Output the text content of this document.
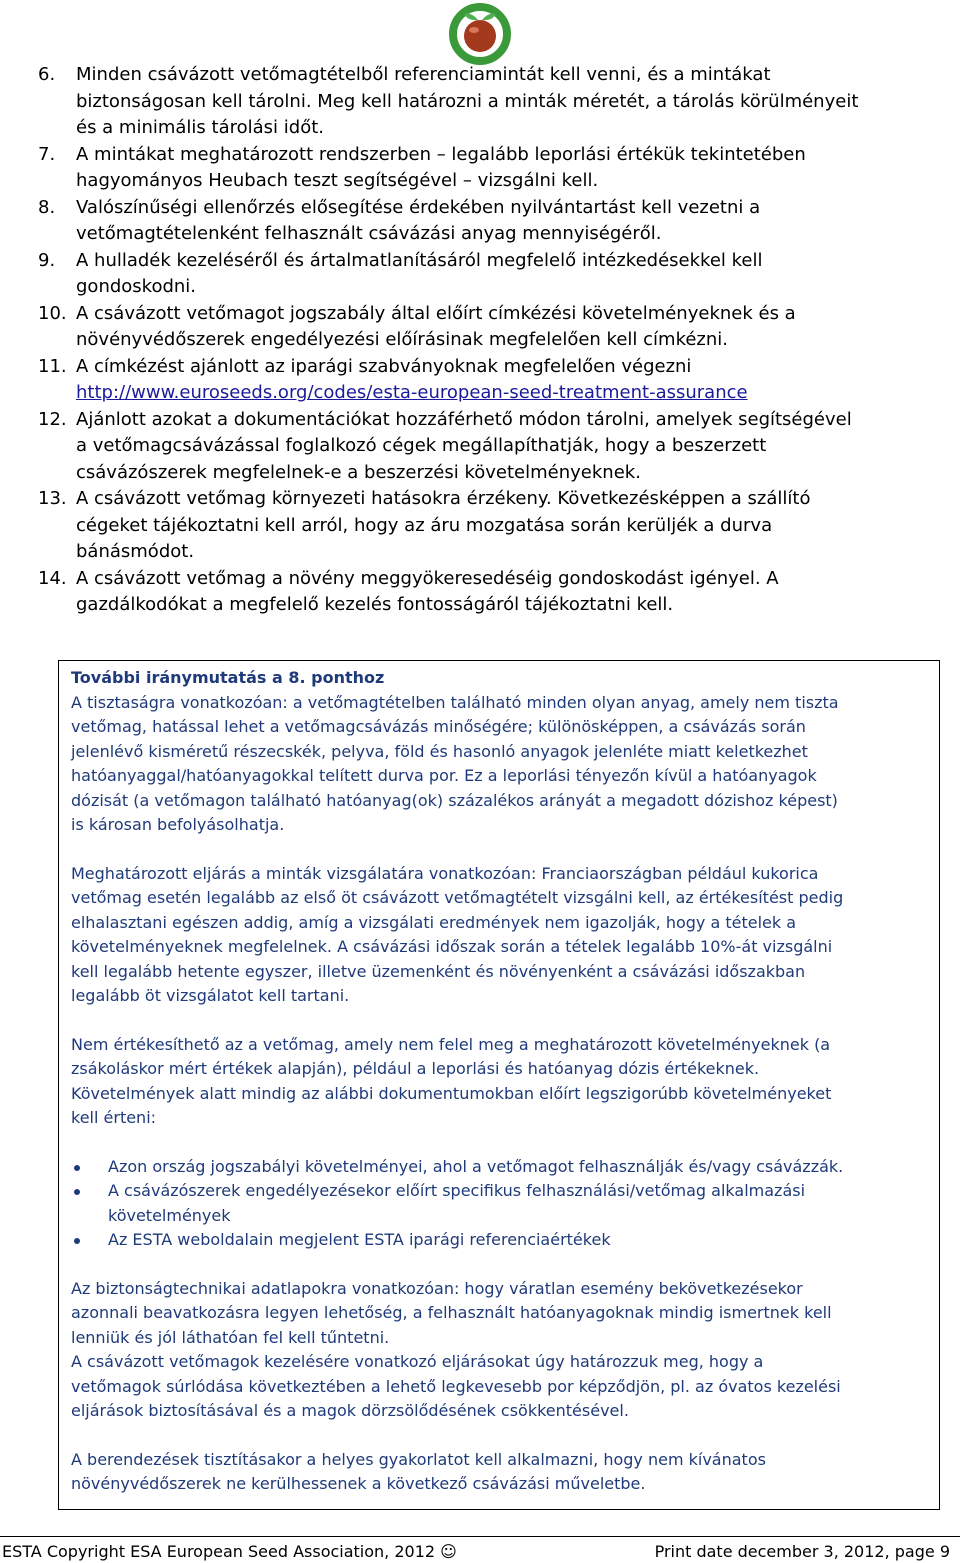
6. Minden csávázott vetőmagtételből referenciamintát kell venni, és a mintákat
biztonságosan kell tárolni. Meg kell határozni a minták méretét, a tárolás körülményeit
és a minimális tárolási időt.
7. A mintákat meghatározott rendszerben – legalább leporlási értékük tekintetében
hagyományos Heubach teszt segítségével – vizsgálni kell.
8. Valószínűségi ellenőrzés elősegítése érdekében nyilvántartást kell vezetni a
vetőmagtételenként felhasznált csávázási anyag mennyiségéről.
9. A hulladék kezeléséről és ártalmatlanításáról megfelelő intézkedésekkel kell
gondoskodni.
10. A csávázott vetőmagot jogszabály által előírt címkézési követelményeknek és a
növényvédőszerek engedélyezési előírásinak megfelelően kell címkézni.
11. A címkézést ajánlott az iparági szabványoknak megfelelően végezni
http://www.euroseeds.org/codes/esta-european-seed-treatment-assurance
12. Ajánlott azokat a dokumentációkat hozzáférhető módon tárolni, amelyek segítségével
a vetőmagcsávázással foglalkozó cégek megállapíthatják, hogy a beszerzett
csávázószerek megfelelnek-e a beszerzési követelményeknek.
13. A csávázott vetőmag környezeti hatásokra érzékeny. Következésképpen a szállító
cégeket tájékoztatni kell arról, hogy az áru mozgatása során kerüljék a durva
bánásmódot.
14. A csávázott vetőmag a növény meggyökeresedéséig gondoskodást igényel. A
gazdálkodókat a megfelelő kezelés fontosságáról tájékoztatni kell.
További iránymutatás a 8. ponthoz
A tisztaságra vonatkozóan: a vetőmagtételben található minden olyan anyag, amely nem tiszta
vetőmag, hatással lehet a vetőmagcsávázás minőségére; különösképpen, a csávázás során
jelenlévő kisméretű részecskék, pelyva, föld és hasonló anyagok jelenléte miatt keletkezhet
hatóanyaggal/hatóanyagokkal telített durva por. Ez a leporlási tényezőn kívül a hatóanyagok
dózisát (a vetőmagon található hatóanyag(ok) százalékos arányát a megadott dózishoz képest)
is károsan befolyásolhatja.
Meghatározott eljárás a minták vizsgálatára vonatkozóan: Franciaországban például kukorica
vetőmag esetén legalább az első öt csávázott vetőmagtételt vizsgálni kell, az értékesítést pedig
elhalasztani egészen addig, amíg a vizsgálati eredmények nem igazolják, hogy a tételek a
követelményeknek megfelelnek. A csávázási időszak során a tételek legalább 10%-át vizsgálni
kell legalább hetente egyszer, illetve üzemenként és növényenként a csávázási időszakban
legalább öt vizsgálatot kell tartani.
Nem értékesíthető az a vetőmag, amely nem felel meg a meghatározott követelményeknek (a
zsákoláskor mért értékek alapján), például a leporlási és hatóanyag dózis értékeknek.
Követelmények alatt mindig az alábbi dokumentumokban előírt legszigorúbb követelményeket
kell érteni:
Azon ország jogszabályi követelményei, ahol a vetőmagot felhasználják és/vagy csávázzák.
A csávázószerek engedélyezésekor előírt specifikus felhasználási/vetőmag alkalmazási
követelmények
Az ESTA weboldalain megjelent ESTA iparági referenciaértékek
Az biztonságtechnikai adatlapokra vonatkozóan: hogy váratlan esemény bekövetkezésekor
azonnali beavatkozásra legyen lehetőség, a felhasznált hatóanyagoknak mindig ismertnek kell
lenniük és jól láthatóan fel kell tűntetni.
A csávázott vetőmagok kezelésére vonatkozó eljárásokat úgy határozzuk meg, hogy a
vetőmagok súrlódása következtében a lehető legkevesebb por képződjön, pl. az óvatos kezelési
eljárások biztosításával és a magok dörzsölődésének csökkentésével.
A berendezések tisztításakor a helyes gyakorlatot kell alkalmazni, hogy nem kívánatos
növényvédőszerek ne kerülhessenek a következő csávázási műveletbe.
ESTA Copyright ESA European Seed Association, 2012 ☺	Print date december 3, 2012, page 9
